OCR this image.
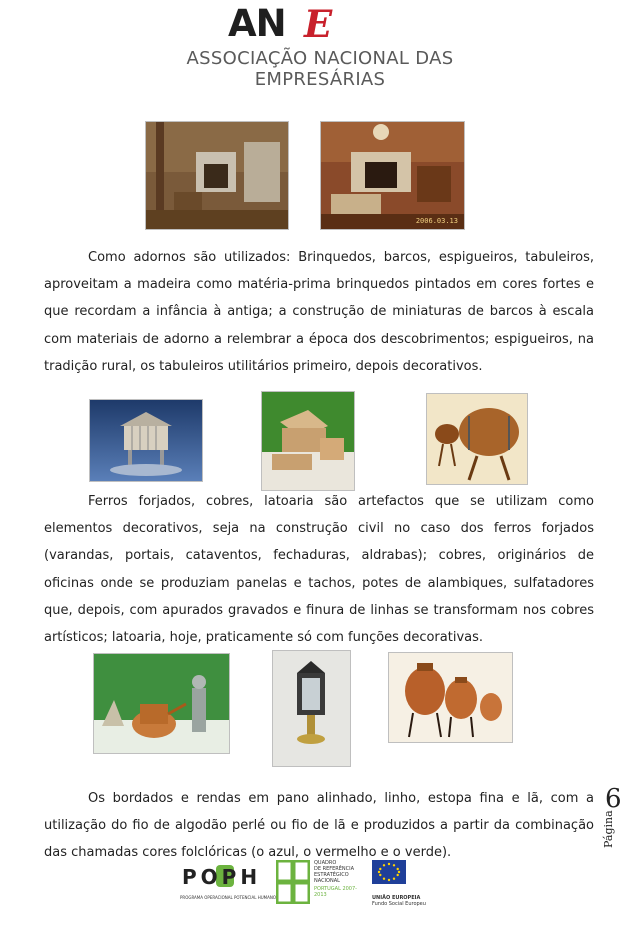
AN E
ASSOCIAÇÃO NACIONAL DAS EMPRESÁRIAS
2006.03.13
Como adornos são utilizados: Brinquedos, barcos, espigueiros, tabuleiros, aproveitam a madeira como matéria-prima brinquedos pintados em cores fortes e que recordam a infância à antiga; a construção de miniaturas de barcos à escala com materiais de adorno a relembrar a época dos descobrimentos; espigueiros, na tradição rural, os tabuleiros utilitários primeiro, depois decorativos.
Ferros forjados, cobres, latoaria são artefactos que se utilizam como elementos decorativos, seja na construção civil no caso dos ferros forjados (varandas, portais, cataventos, fechaduras, aldrabas); cobres, originários de oficinas onde se produziam panelas e tachos, potes de alambiques, sulfatadores que, depois, com apurados gravados e finura de linhas se transformam nos cobres artísticos; latoaria, hoje, praticamente só com funções decorativas.
Os bordados e rendas em pano alinhado, linho, estopa fina e lã, com a utilização do fio de algodão perlé ou fio de lã e produzidos a partir da combinação das chamadas cores folclóricas (o azul, o vermelho e o verde).
Página
6
POPH
PROGRAMA OPERACIONAL POTENCIAL HUMANO
QUADRO
DE REFERÊNCIA
ESTRATÉGICO
NACIONAL
PORTUGAL 2007-2013	UNIÃO EUROPEIA
Fundo Social Europeu
